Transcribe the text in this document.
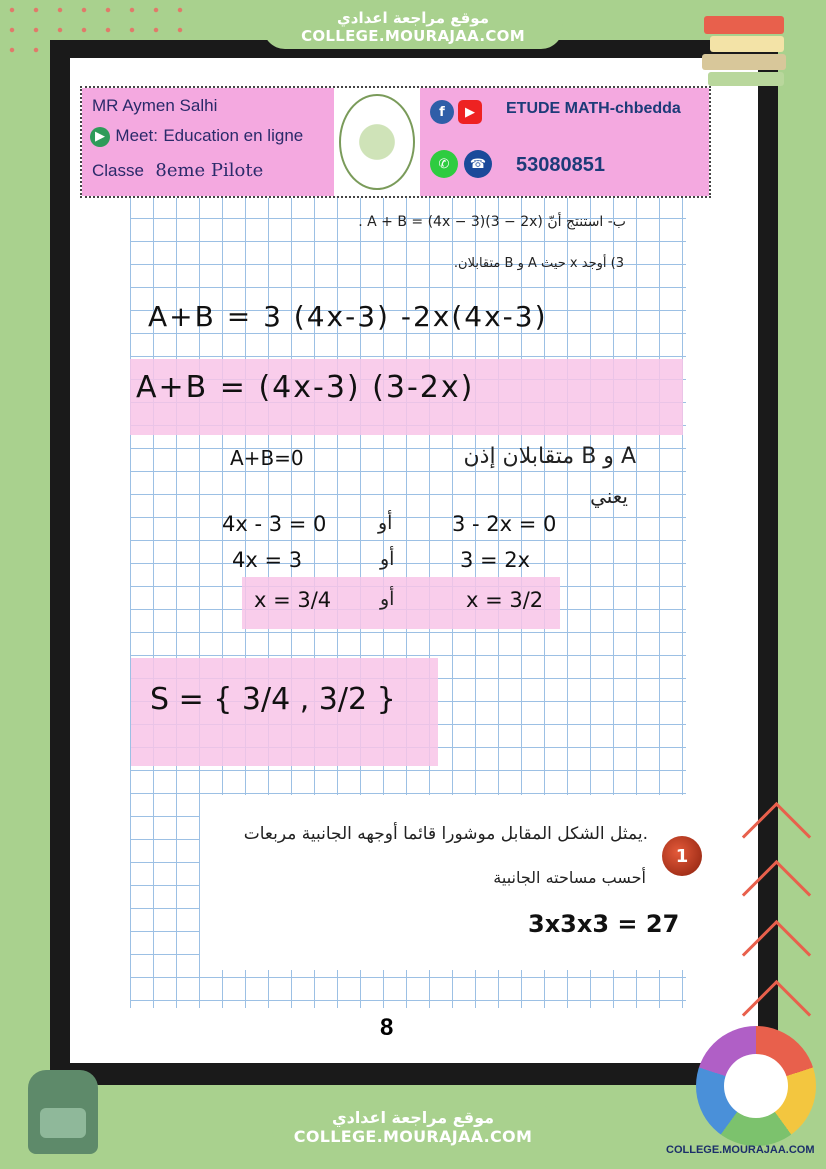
موقع مراجعة اعدادي
COLLEGE.MOURAJAA.COM
MR Aymen Salhi
▶ Meet: Education en ligne
Classe 8eme Pilote
f	▶	ETUDE MATH-chbedda
✆	☎ 53080851
ب- استنتج أنّ A + B = (4x − 3)(3 − 2x) .
3) أوجد x حيث A و B متقابلان.
A+B = 3 (4x-3) -2x(4x-3)
A+B = (4x-3) (3-2x)
A+B=0	A و B متقابلان إذن
يعني
4x - 3 = 0	أو	3 - 2x = 0
4x = 3	أو	3 = 2x
x = 3/4	أو	x = 3/2
S = { 3/4 , 3/2 }
1
.يمثل الشكل المقابل موشورا قائما أوجهه الجانبية مربعات
أحسب مساحته الجانبية
3x3x3 = 27
8
موقع مراجعة اعدادي
COLLEGE.MOURAJAA.COM
COLLEGE.MOURAJAA.COM
